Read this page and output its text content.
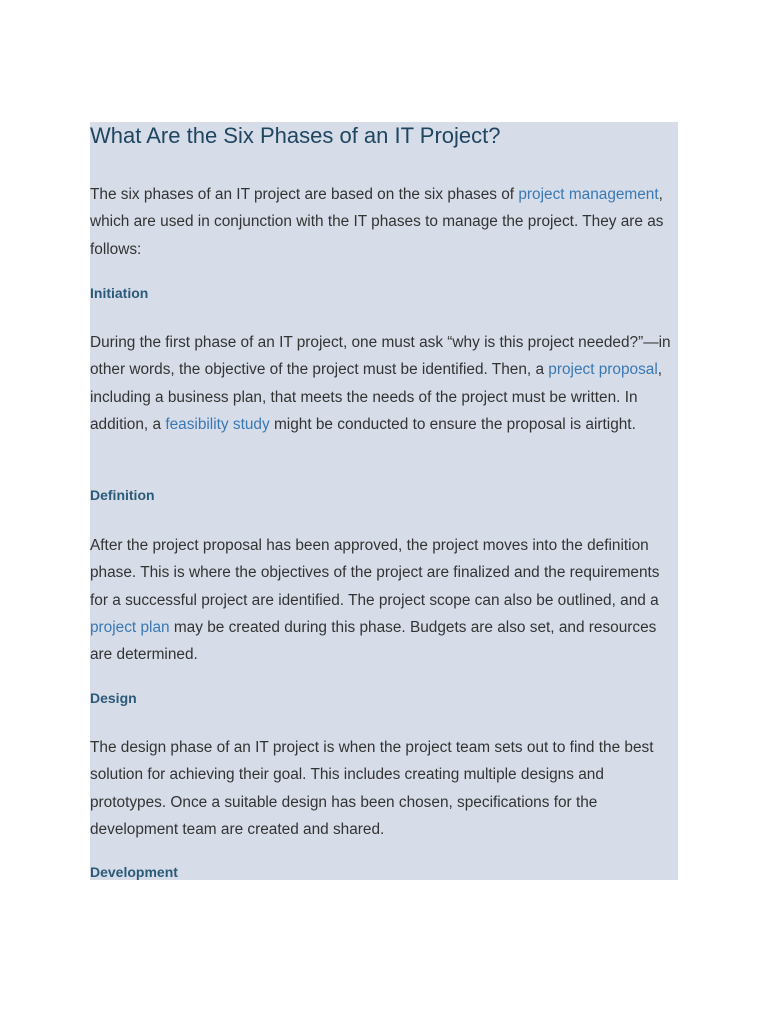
What Are the Six Phases of an IT Project?

The six phases of an IT project are based on the six phases of project management, which are used in conjunction with the IT phases to manage the project. They are as follows:

Initiation

During the first phase of an IT project, one must ask “why is this project needed?”—in other words, the objective of the project must be identified. Then, a project proposal, including a business plan, that meets the needs of the project must be written. In addition, a feasibility study might be conducted to ensure the proposal is airtight.

Definition

After the project proposal has been approved, the project moves into the definition phase. This is where the objectives of the project are finalized and the requirements for a successful project are identified. The project scope can also be outlined, and a project plan may be created during this phase. Budgets are also set, and resources are determined.

Design

The design phase of an IT project is when the project team sets out to find the best solution for achieving their goal. This includes creating multiple designs and prototypes. Once a suitable design has been chosen, specifications for the development team are created and shared.

Development
